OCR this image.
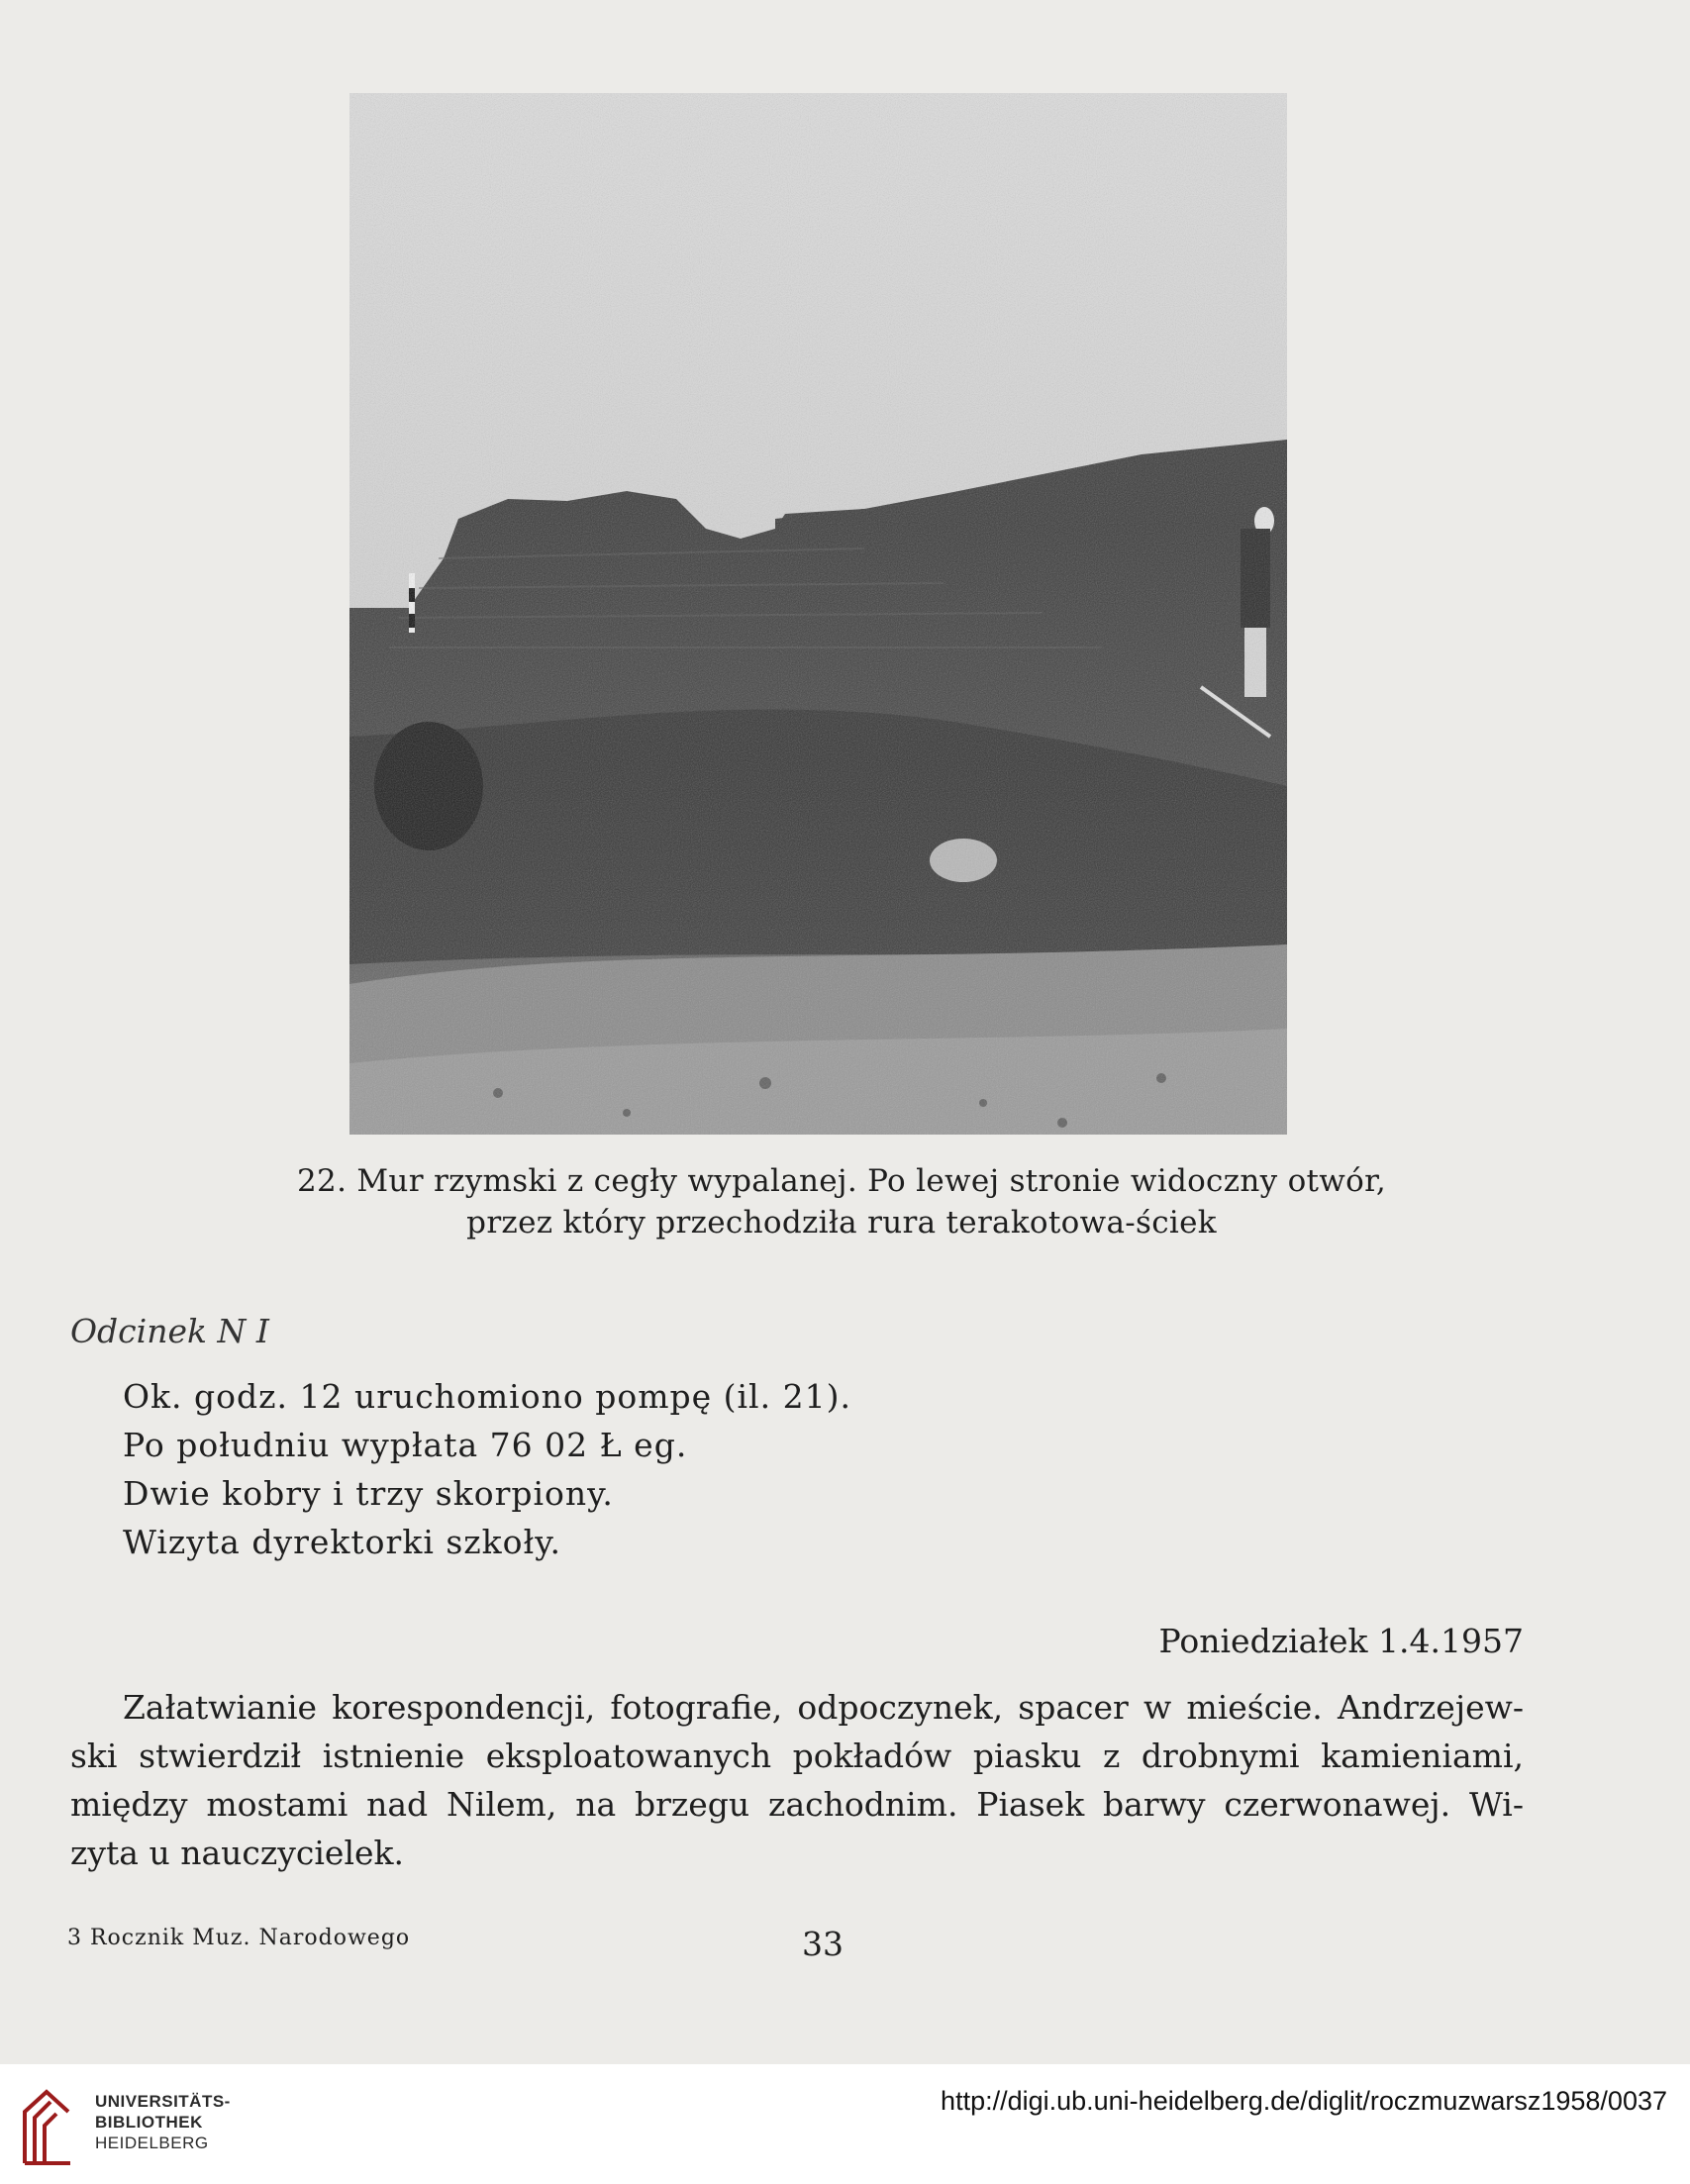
22. Mur rzymski z cegły wypalanej. Po lewej stronie widoczny otwór,
przez który przechodziła rura terakotowa-ściek
Odcinek N I
Ok. godz. 12 uruchomiono pompę (il. 21).
Po południu wypłata 76 02 Ł eg.
Dwie kobry i trzy skorpiony.
Wizyta dyrektorki szkoły.
Poniedziałek 1.4.1957
Załatwianie korespondencji, fotografie, odpoczynek, spacer w mieście. Andrzejew-
ski stwierdził istnienie eksploatowanych pokładów piasku z drobnymi kamieniami,
między mostami nad Nilem, na brzegu zachodnim. Piasek barwy czerwonawej. Wi-
zyta u nauczycielek.
3 Rocznik Muz. Narodowego	33
UNIVERSITÄTS-
BIBLIOTHEK
HEIDELBERG
http://digi.ub.uni-heidelberg.de/diglit/roczmuzwarsz1958/0037
